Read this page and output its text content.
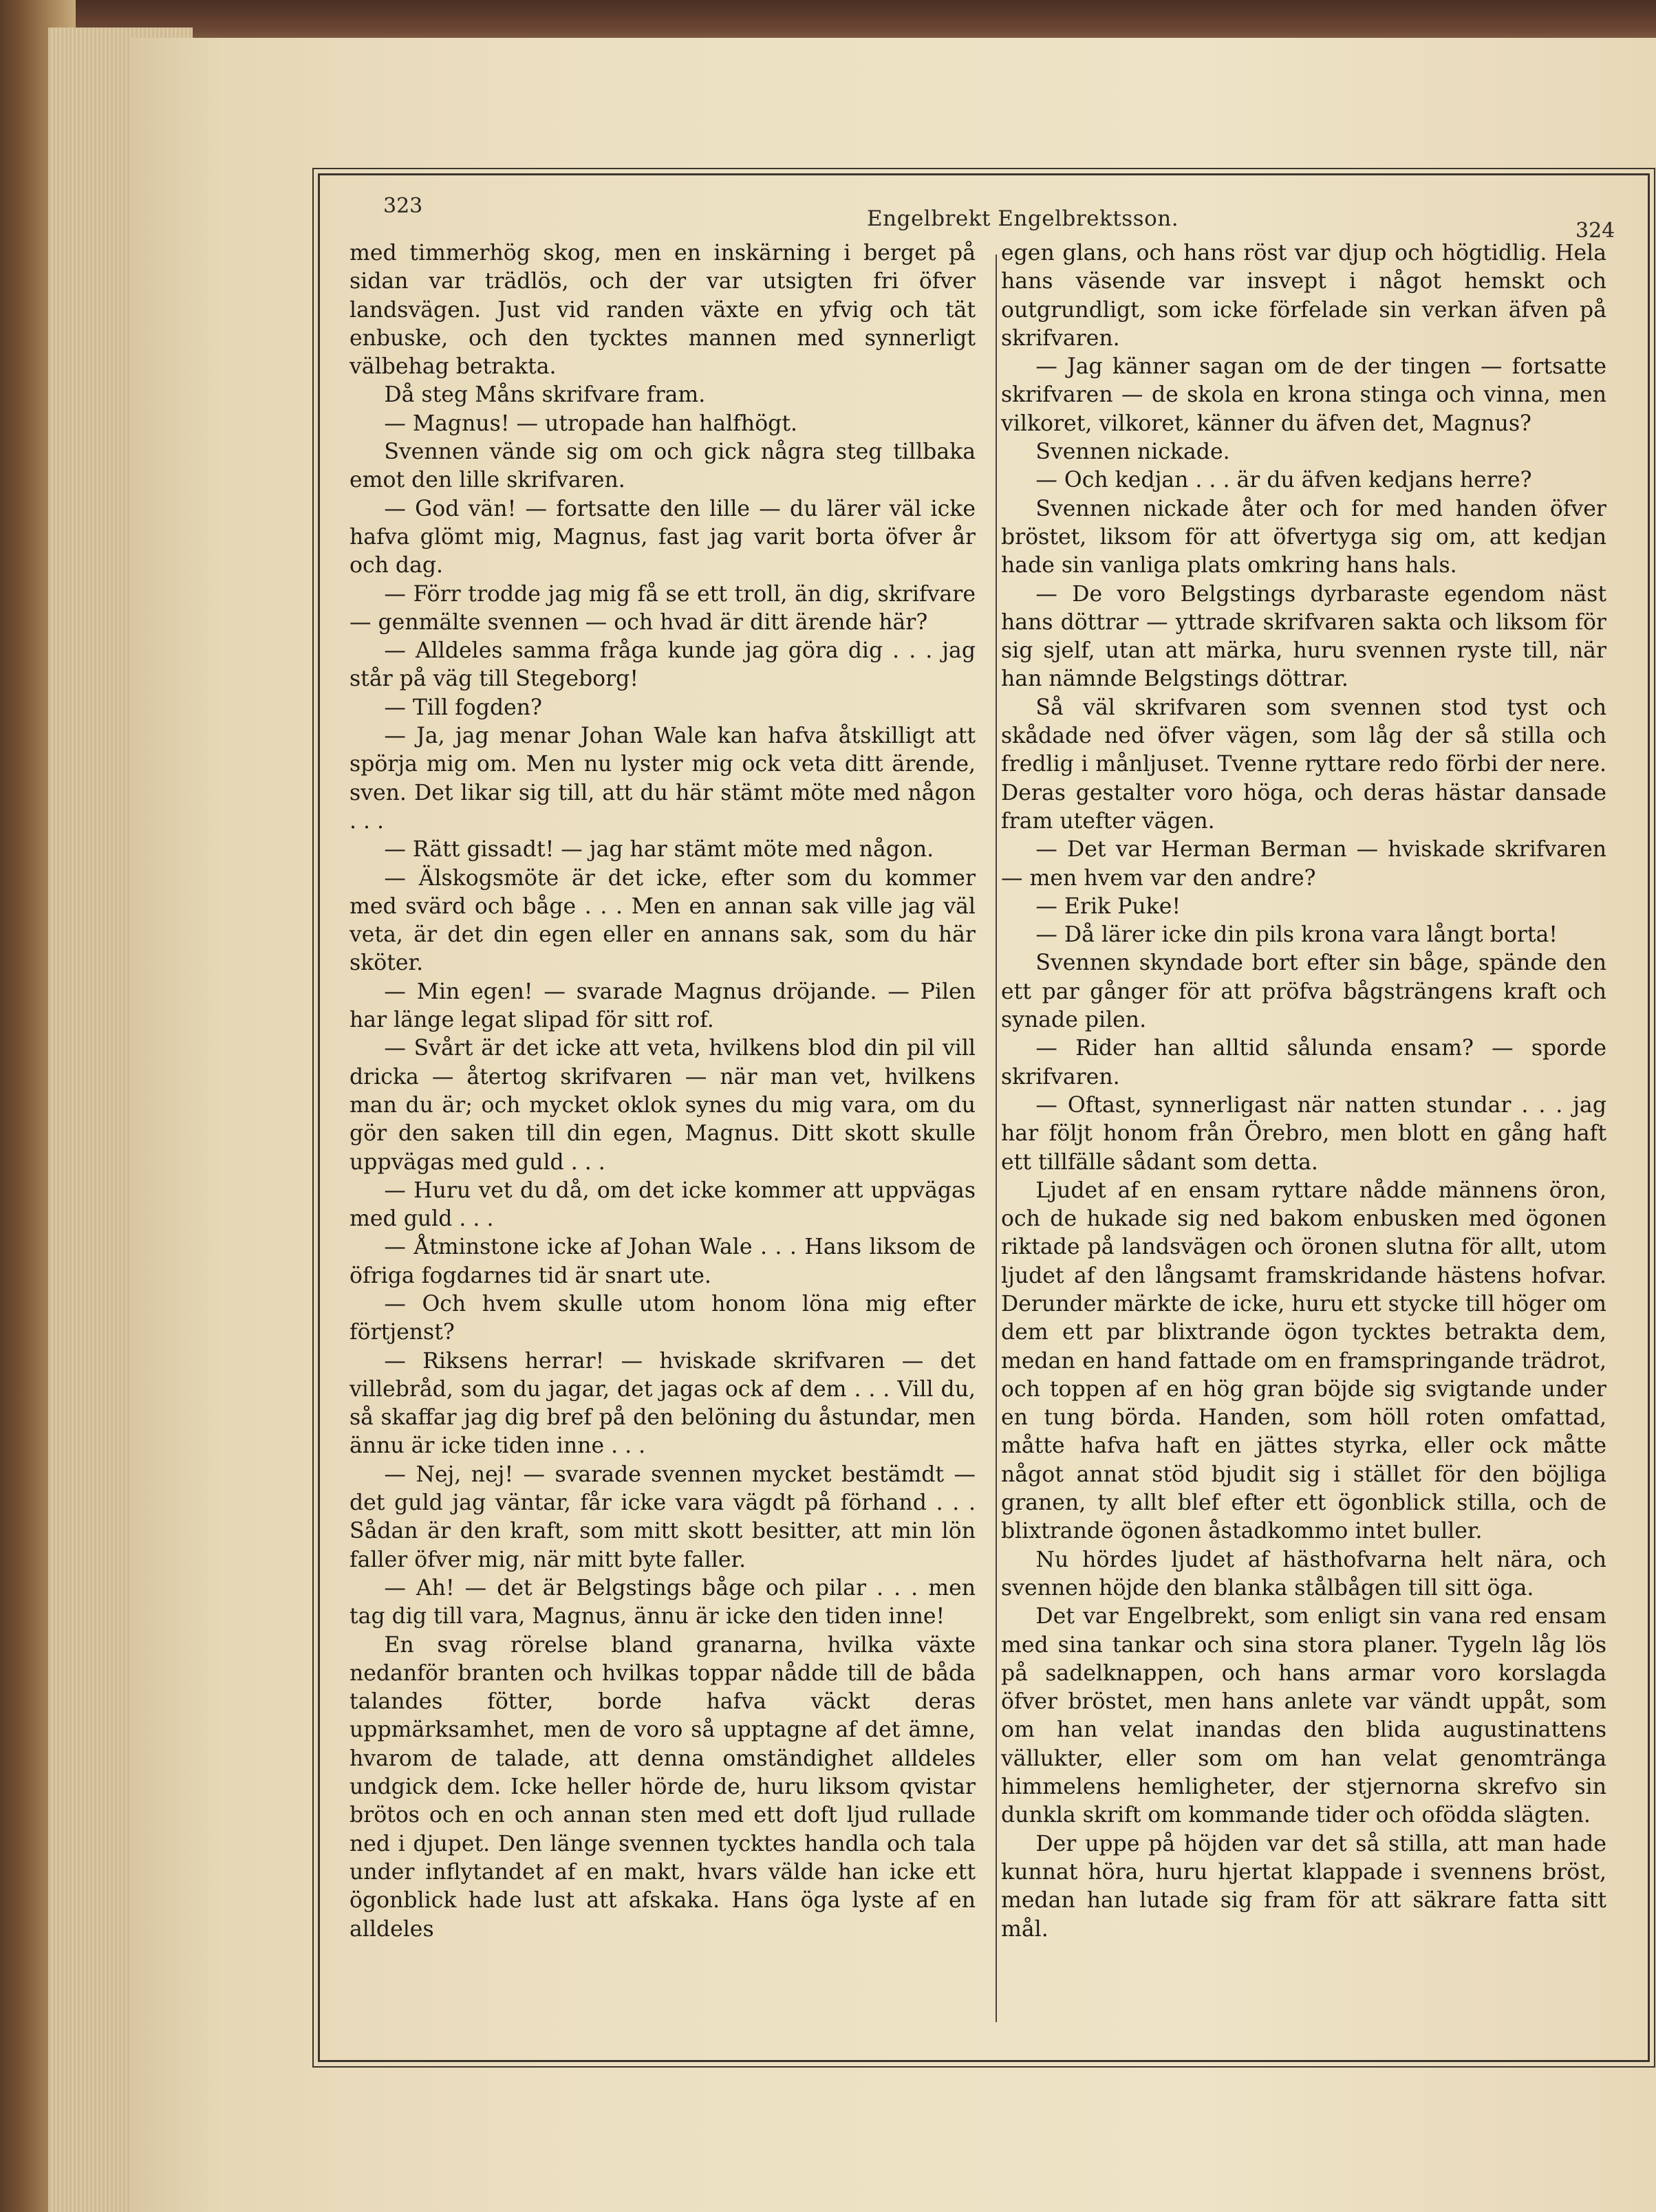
323
Engelbrekt Engelbrektsson.	324

med timmerhög skog, men en inskärning i berget på sidan var trädlös, och der var utsigten fri öfver landsvägen. Just vid randen växte en yfvig och tät enbuske, och den tycktes mannen med synnerligt välbehag betrakta.

Då steg Måns skrifvare fram.

— Magnus! — utropade han halfhögt.

Svennen vände sig om och gick några steg tillbaka emot den lille skrifvaren.

— God vän! — fortsatte den lille — du lärer väl icke hafva glömt mig, Magnus, fast jag varit borta öfver år och dag.

— Förr trodde jag mig få se ett troll, än dig, skrifvare — genmälte svennen — och hvad är ditt ärende här?

— Alldeles samma fråga kunde jag göra dig . . . jag står på väg till Stegeborg!

— Till fogden?

— Ja, jag menar Johan Wale kan hafva åtskilligt att spörja mig om. Men nu lyster mig ock veta ditt ärende, sven. Det likar sig till, att du här stämt möte med någon . . .

— Rätt gissadt! — jag har stämt möte med någon.

— Älskogsmöte är det icke, efter som du kommer med svärd och båge . . . Men en annan sak ville jag väl veta, är det din egen eller en annans sak, som du här sköter.

— Min egen! — svarade Magnus dröjande. — Pilen har länge legat slipad för sitt rof.

— Svårt är det icke att veta, hvilkens blod din pil vill dricka — återtog skrifvaren — när man vet, hvilkens man du är; och mycket oklok synes du mig vara, om du gör den saken till din egen, Magnus. Ditt skott skulle uppvägas med guld . . .

— Huru vet du då, om det icke kommer att uppvägas med guld . . .

— Åtminstone icke af Johan Wale . . . Hans liksom de öfriga fogdarnes tid är snart ute.

— Och hvem skulle utom honom löna mig efter förtjenst?

— Riksens herrar! — hviskade skrifvaren — det villebråd, som du jagar, det jagas ock af dem . . . Vill du, så skaffar jag dig bref på den belöning du åstundar, men ännu är icke tiden inne . . .

— Nej, nej! — svarade svennen mycket bestämdt — det guld jag väntar, får icke vara vägdt på förhand . . . Sådan är den kraft, som mitt skott besitter, att min lön faller öfver mig, när mitt byte faller.

— Ah! — det är Belgstings båge och pilar . . . men tag dig till vara, Magnus, ännu är icke den tiden inne!

En svag rörelse bland granarna, hvilka växte nedanför branten och hvilkas toppar nådde till de båda talandes fötter, borde hafva väckt deras uppmärksamhet, men de voro så upptagne af det ämne, hvarom de talade, att denna omständighet alldeles undgick dem. Icke heller hörde de, huru liksom qvistar brötos och en och annan sten med ett doft ljud rullade ned i djupet. Den länge svennen tycktes handla och tala under inflytandet af en makt, hvars välde han icke ett ögonblick hade lust att afskaka. Hans öga lyste af en alldeles

egen glans, och hans röst var djup och högtidlig. Hela hans väsende var insvept i något hemskt och outgrundligt, som icke förfelade sin verkan äfven på skrifvaren.

— Jag känner sagan om de der tingen — fortsatte skrifvaren — de skola en krona stinga och vinna, men vilkoret, vilkoret, känner du äfven det, Magnus?

Svennen nickade.

— Och kedjan . . . är du äfven kedjans herre?

Svennen nickade åter och for med handen öfver bröstet, liksom för att öfvertyga sig om, att kedjan hade sin vanliga plats omkring hans hals.

— De voro Belgstings dyrbaraste egendom näst hans döttrar — yttrade skrifvaren sakta och liksom för sig sjelf, utan att märka, huru svennen ryste till, när han nämnde Belgstings döttrar.

Så väl skrifvaren som svennen stod tyst och skådade ned öfver vägen, som låg der så stilla och fredlig i månljuset. Tvenne ryttare redo förbi der nere. Deras gestalter voro höga, och deras hästar dansade fram utefter vägen.

— Det var Herman Berman — hviskade skrifvaren — men hvem var den andre?

— Erik Puke!

— Då lärer icke din pils krona vara långt borta!

Svennen skyndade bort efter sin båge, spände den ett par gånger för att pröfva bågsträngens kraft och synade pilen.

— Rider han alltid sålunda ensam? — sporde skrifvaren.

— Oftast, synnerligast när natten stundar . . . jag har följt honom från Örebro, men blott en gång haft ett tillfälle sådant som detta.

Ljudet af en ensam ryttare nådde männens öron, och de hukade sig ned bakom enbusken med ögonen riktade på landsvägen och öronen slutna för allt, utom ljudet af den långsamt framskridande hästens hofvar. Derunder märkte de icke, huru ett stycke till höger om dem ett par blixtrande ögon tycktes betrakta dem, medan en hand fattade om en framspringande trädrot, och toppen af en hög gran böjde sig svigtande under en tung börda. Handen, som höll roten omfattad, måtte hafva haft en jättes styrka, eller ock måtte något annat stöd bjudit sig i stället för den böjliga granen, ty allt blef efter ett ögonblick stilla, och de blixtrande ögonen åstadkommo intet buller.

Nu hördes ljudet af hästhofvarna helt nära, och svennen höjde den blanka stålbågen till sitt öga.

Det var Engelbrekt, som enligt sin vana red ensam med sina tankar och sina stora planer. Tygeln låg lös på sadelknappen, och hans armar voro korslagda öfver bröstet, men hans anlete var vändt uppåt, som om han velat inandas den blida augustinattens vällukter, eller som om han velat genomtränga himmelens hemligheter, der stjernorna skrefvo sin dunkla skrift om kommande tider och ofödda slägten.

Der uppe på höjden var det så stilla, att man hade kunnat höra, huru hjertat klappade i svennens bröst, medan han lutade sig fram för att säkrare fatta sitt mål.
